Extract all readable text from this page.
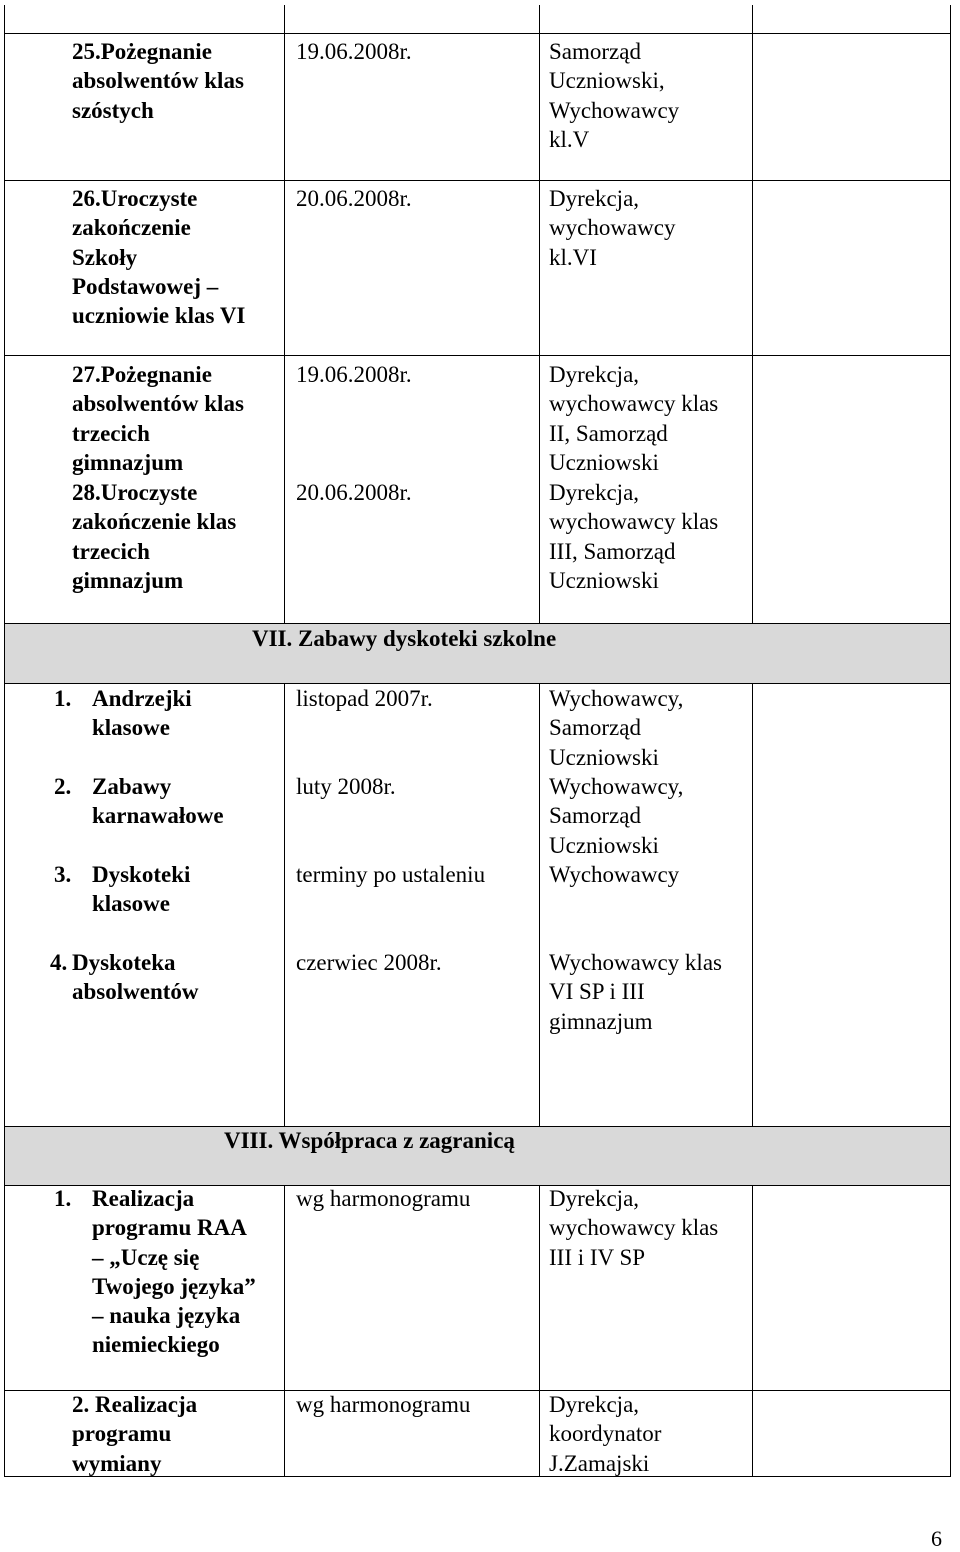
25.Pożegnanie
absolwentów klas
szóstych
19.06.2008r.	Samorząd
Uczniowski,
Wychowawcy
kl.V
26.Uroczyste
zakończenie
Szkoły
Podstawowej –
uczniowie klas VI
20.06.2008r.	Dyrekcja,
wychowawcy
kl.VI
27.Pożegnanie
absolwentów klas
trzecich
gimnazjum
19.06.2008r.	Dyrekcja,
wychowawcy klas
II, Samorząd
Uczniowski
28.Uroczyste
zakończenie klas
trzecich
gimnazjum
20.06.2008r.	Dyrekcja,
wychowawcy klas
III, Samorząd
Uczniowski
VII. Zabawy dyskoteki szkolne
1. Andrzejki
klasowe
listopad 2007r.	Wychowawcy,
Samorząd
Uczniowski
2. Zabawy
karnawałowe
luty 2008r.	Wychowawcy,
Samorząd
Uczniowski
3. Dyskoteki
klasowe
terminy po ustaleniu	Wychowawcy
4. Dyskoteka
absolwentów
czerwiec 2008r.	Wychowawcy klas
VI SP i III
gimnazjum
VIII. Współpraca z zagranicą
1. Realizacja
programu RAA
– „Uczę się
Twojego języka”
– nauka języka
niemieckiego
wg harmonogramu	Dyrekcja,
wychowawcy klas
III i IV SP
2. Realizacja
programu
wymiany
wg harmonogramu	Dyrekcja,
koordynator
J.Zamajski
6
